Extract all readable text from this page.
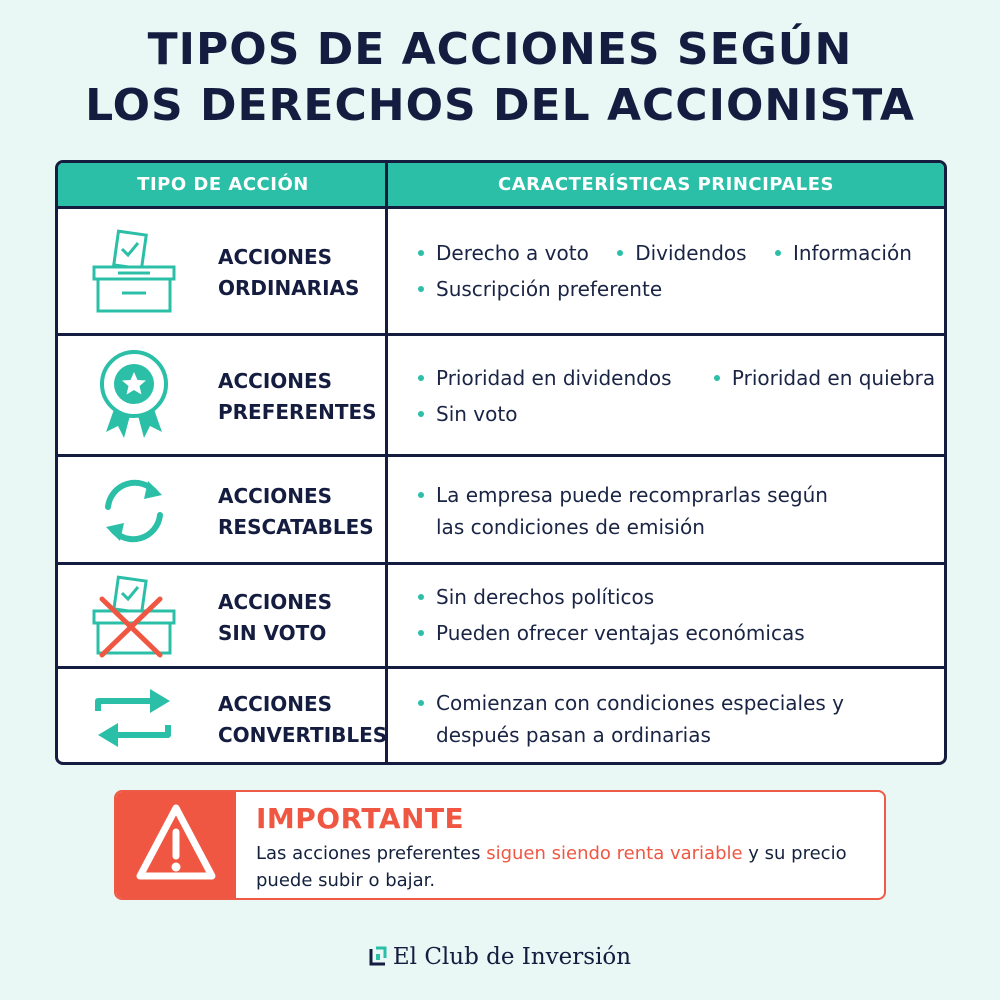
TIPOS DE ACCIONES SEGÚN
LOS DERECHOS DEL ACCIONISTA
TIPO DE ACCIÓN	CARACTERÍSTICAS PRINCIPALES
ACCIONES
ORDINARIAS
Derecho a voto Dividendos Información
Suscripción preferente
ACCIONES
PREFERENTES
Prioridad en dividendos	Prioridad en quiebra
Sin voto
ACCIONES
RESCATABLES
La empresa puede recomprarlas según
las condiciones de emisión
ACCIONES
SIN VOTO
Sin derechos políticos
Pueden ofrecer ventajas económicas
ACCIONES
CONVERTIBLES
Comienzan con condiciones especiales y
después pasan a ordinarias
IMPORTANTE
Las acciones preferentes siguen siendo renta variable y su precio puede subir o bajar.
El Club de Inversión
